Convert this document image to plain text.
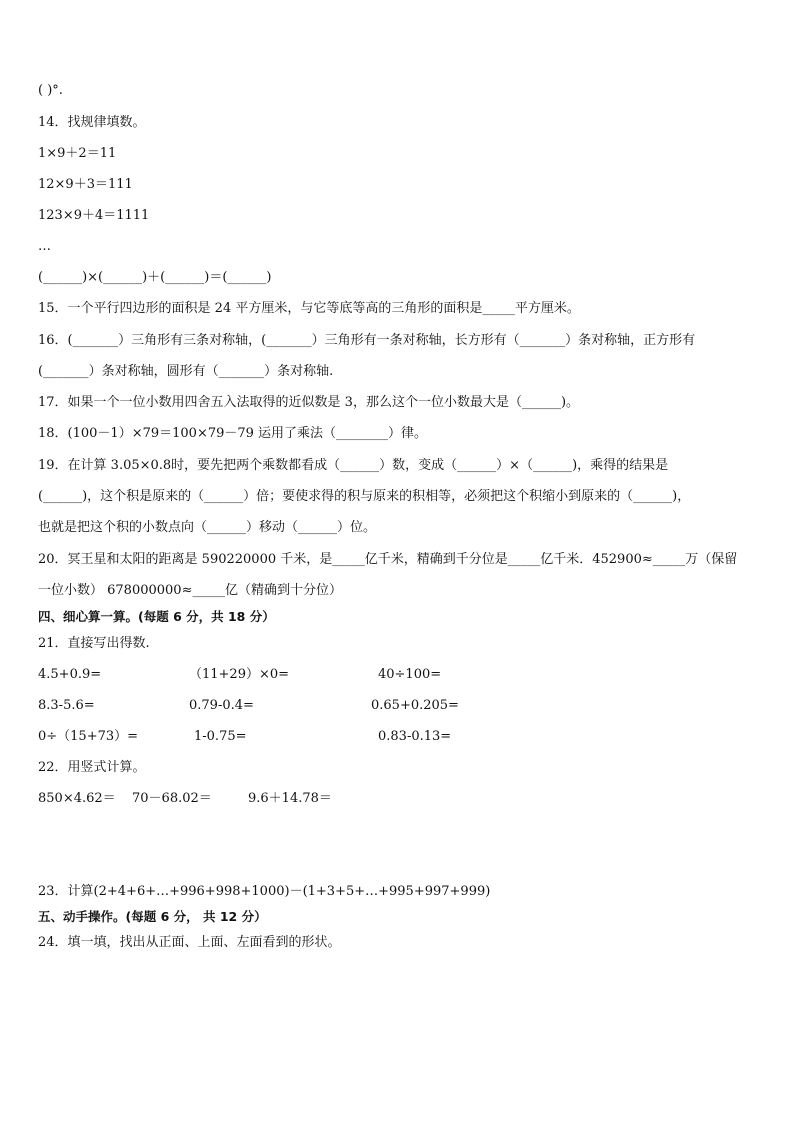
( )°.
14．找规律填数。
1×9＋2＝11
12×9＋3＝111
123×9＋4＝1111
…
(______)×(______)＋(______)＝(______)
15．一个平行四边形的面积是 24 平方厘米，与它等底等高的三角形的面积是_____平方厘米。
16．(_______）三角形有三条对称轴，(_______）三角形有一条对称轴，长方形有（_______）条对称轴，正方形有
(_______）条对称轴，圆形有（_______）条对称轴.
17．如果一个一位小数用四舍五入法取得的近似数是 3，那么这个一位小数最大是（______)。
18．(100－1）×79＝100×79－79 运用了乘法（________）律。
19．在计算 3.05×0.8时，要先把两个乘数都看成（______）数，变成（______）×（______)，乘得的结果是
(______)，这个积是原来的（______）倍；要使求得的积与原来的积相等，必须把这个积缩小到原来的（______)，
也就是把这个积的小数点向（______）移动（______）位。
20．冥王星和太阳的距离是 590220000 千米，是_____亿千米，精确到千分位是_____亿千米．452900≈_____万（保留
一位小数） 678000000≈_____亿（精确到十分位）
四、细心算一算。(每题 6 分，共 18 分）
21．直接写出得数.
4.5+0.9=	（11+29）×0=	40÷100=
8.3-5.6=	0.79-0.4=	0.65+0.205=
0÷（15+73）=	1-0.75=	0.83-0.13=
22．用竖式计算。
850×4.62＝ 70－68.02＝	9.6＋14.78＝
23．计算(2+4+6+…+996+998+1000)－(1+3+5+…+995+997+999)
五、动手操作。(每题 6 分， 共 12 分）
24．填一填，找出从正面、上面、左面看到的形状。
